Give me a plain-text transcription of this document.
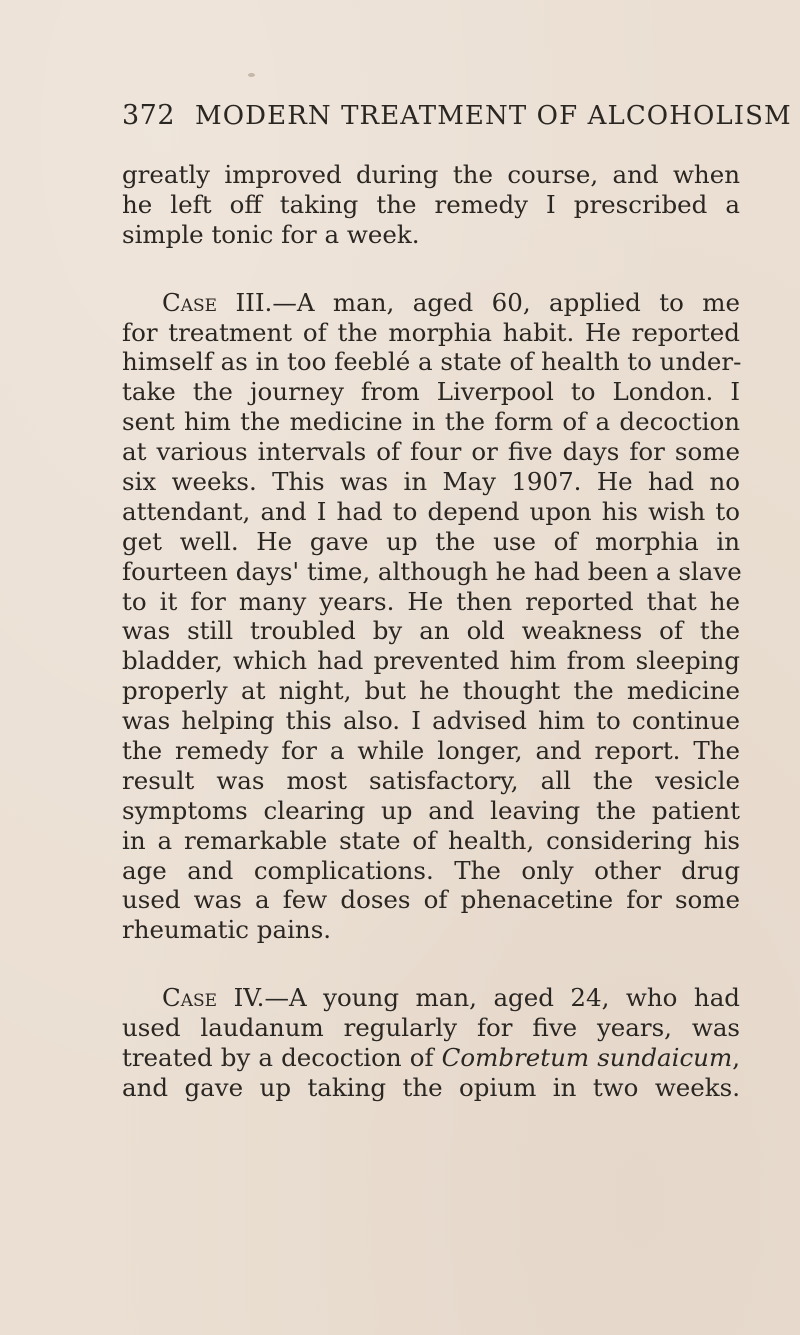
372 MODERN TREATMENT OF ALCOHOLISM
greatly improved during the course, and when
he left off taking the remedy I prescribed a
simple tonic for a week.
Case III.—A man, aged 60, applied to me
for treatment of the morphia habit. He reported
himself as in too feeblé a state of health to under-
take the journey from Liverpool to London. I
sent him the medicine in the form of a decoction
at various intervals of four or five days for some
six weeks. This was in May 1907. He had no
attendant, and I had to depend upon his wish to
get well. He gave up the use of morphia in
fourteen days' time, although he had been a slave
to it for many years. He then reported that he
was still troubled by an old weakness of the
bladder, which had prevented him from sleeping
properly at night, but he thought the medicine
was helping this also. I advised him to continue
the remedy for a while longer, and report. The
result was most satisfactory, all the vesicle
symptoms clearing up and leaving the patient
in a remarkable state of health, considering his
age and complications. The only other drug
used was a few doses of phenacetine for some
rheumatic pains.
Case IV.—A young man, aged 24, who had
used laudanum regularly for five years, was
treated by a decoction of Combretum sundaicum,
and gave up taking the opium in two weeks.
